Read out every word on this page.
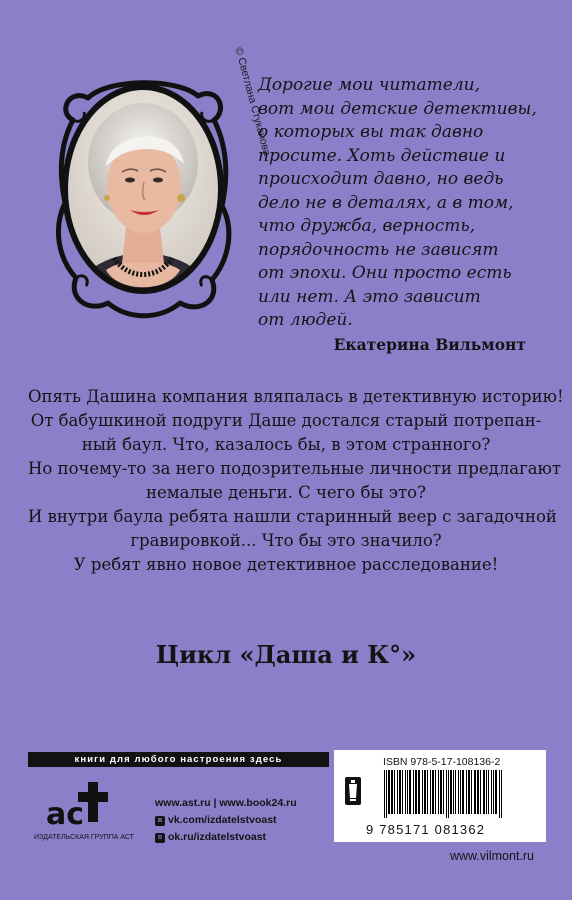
© Светлана Стуканова
Дорогие мои читатели,
вот мои детские детективы,
о которых вы так давно
просите. Хоть действие и
происходит давно, но ведь
дело не в деталях, а в том,
что дружба, верность,
порядочность не зависят
от эпохи. Они просто есть
или нет. А это зависит
от людей.
Екатерина Вильмонт
Опять Дашина компания вляпалась в детективную историю!
От бабушкиной подруги Даше достался старый потрепан-
ный баул. Что, казалось бы, в этом странного?
Но почему-то за него подозрительные личности предлагают
немалые деньги. С чего бы это?
И внутри баула ребята нашли старинный веер с загадочной
гравировкой... Что бы это значило?
У ребят явно новое детективное расследование!
Цикл «Даша и К°»
книги для любого настроения здесь
ас
ИЗДАТЕЛЬСКАЯ ГРУППА АСТ
www.ast.ru | www.book24.ru
в vk.com/izdatelstvoast
о ok.ru/izdatelstvoast
ISBN 978-5-17-108136-2
9 785171 081362
www.vilmont.ru
